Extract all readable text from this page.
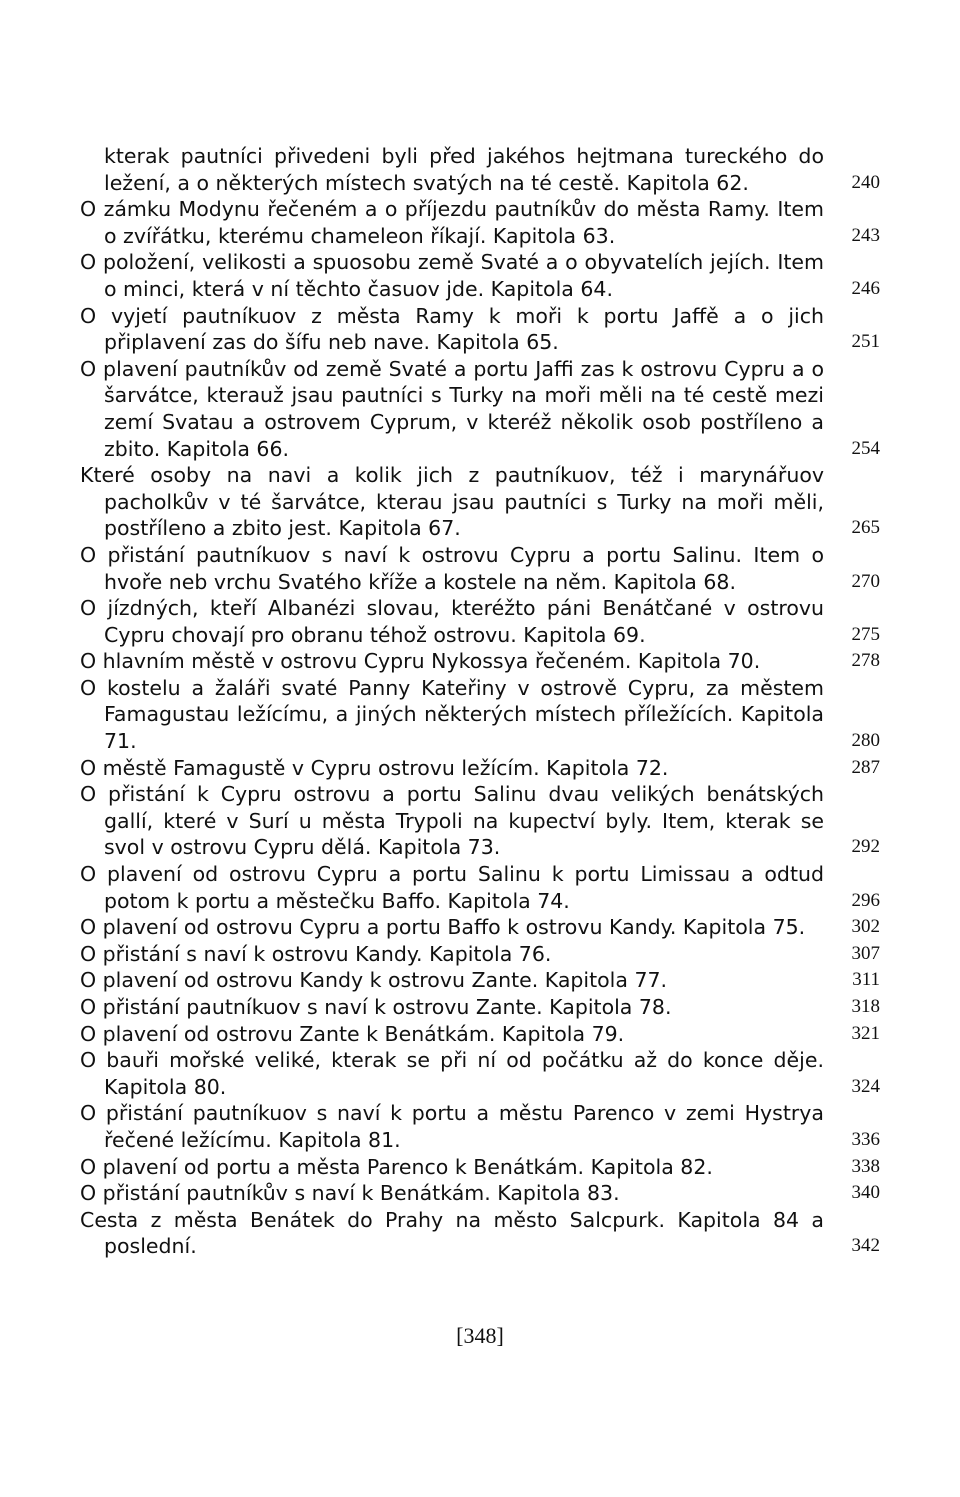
kterak pautníci přivedeni byli před jakéhos hejtmana tureckého do ležení, a o některých místech svatých na té cestě. Kapitola 62.	240
O zámku Modynu řečeném a o příjezdu pautníkův do města Ramy. Item o zvířátku, kterému chameleon říkají. Kapitola 63.	243
O položení, velikosti a spuosobu země Svaté a o obyvatelích jejích. Item o minci, která v ní těchto časuov jde. Kapitola 64.	246
O vyjetí pautníkuov z města Ramy k moři k portu Jaffě a o jich připlavení zas do šífu neb nave. Kapitola 65.	251
O plavení pautníkův od země Svaté a portu Jaffi zas k ostrovu Cypru a o šarvátce, kterauž jsau pautníci s Turky na moři měli na té cestě mezi zemí Svatau a ostrovem Cyprum, v kteréž několik osob postříleno a zbito. Kapitola 66.	254
Které osoby na navi a kolik jich z pautníkuov, též i marynářuov pacholkův v té šarvátce, kterau jsau pautníci s Turky na moři měli, postříleno a zbito jest. Kapitola 67.	265
O přistání pautníkuov s naví k ostrovu Cypru a portu Salinu. Item o hvoře neb vrchu Svatého kříže a kostele na něm. Kapitola 68.	270
O jízdných, kteří Albanézi slovau, kteréžto páni Benátčané v ostrovu Cypru chovají pro obranu téhož ostrovu. Kapitola 69.	275
O hlavním městě v ostrovu Cypru Nykossya řečeném. Kapitola 70.	278
O kostelu a žaláři svaté Panny Kateřiny v ostrově Cypru, za městem Famagustau ležícímu, a jiných některých místech příležících. Kapitola 71.	280
O městě Famagustě v Cypru ostrovu ležícím. Kapitola 72.	287
O přistání k Cypru ostrovu a portu Salinu dvau velikých benátských gallí, které v Surí u města Trypoli na kupectví byly. Item, kterak se svol v ostrovu Cypru dělá. Kapitola 73.	292
O plavení od ostrovu Cypru a portu Salinu k portu Limissau a odtud potom k portu a městečku Baffo. Kapitola 74.	296
O plavení od ostrovu Cypru a portu Baffo k ostrovu Kandy. Kapitola 75.	302
O přistání s naví k ostrovu Kandy. Kapitola 76.	307
O plavení od ostrovu Kandy k ostrovu Zante. Kapitola 77.	311
O přistání pautníkuov s naví k ostrovu Zante. Kapitola 78.	318
O plavení od ostrovu Zante k Benátkám. Kapitola 79.	321
O bauři mořské veliké, kterak se při ní od počátku až do konce děje. Kapitola 80.	324
O přistání pautníkuov s naví k portu a městu Parenco v zemi Hystrya řečené ležícímu. Kapitola 81.	336
O plavení od portu a města Parenco k Benátkám. Kapitola 82.	338
O přistání pautníkův s naví k Benátkám. Kapitola 83.	340
Cesta z města Benátek do Prahy na město Salcpurk. Kapitola 84 a poslední.	342
[348]
